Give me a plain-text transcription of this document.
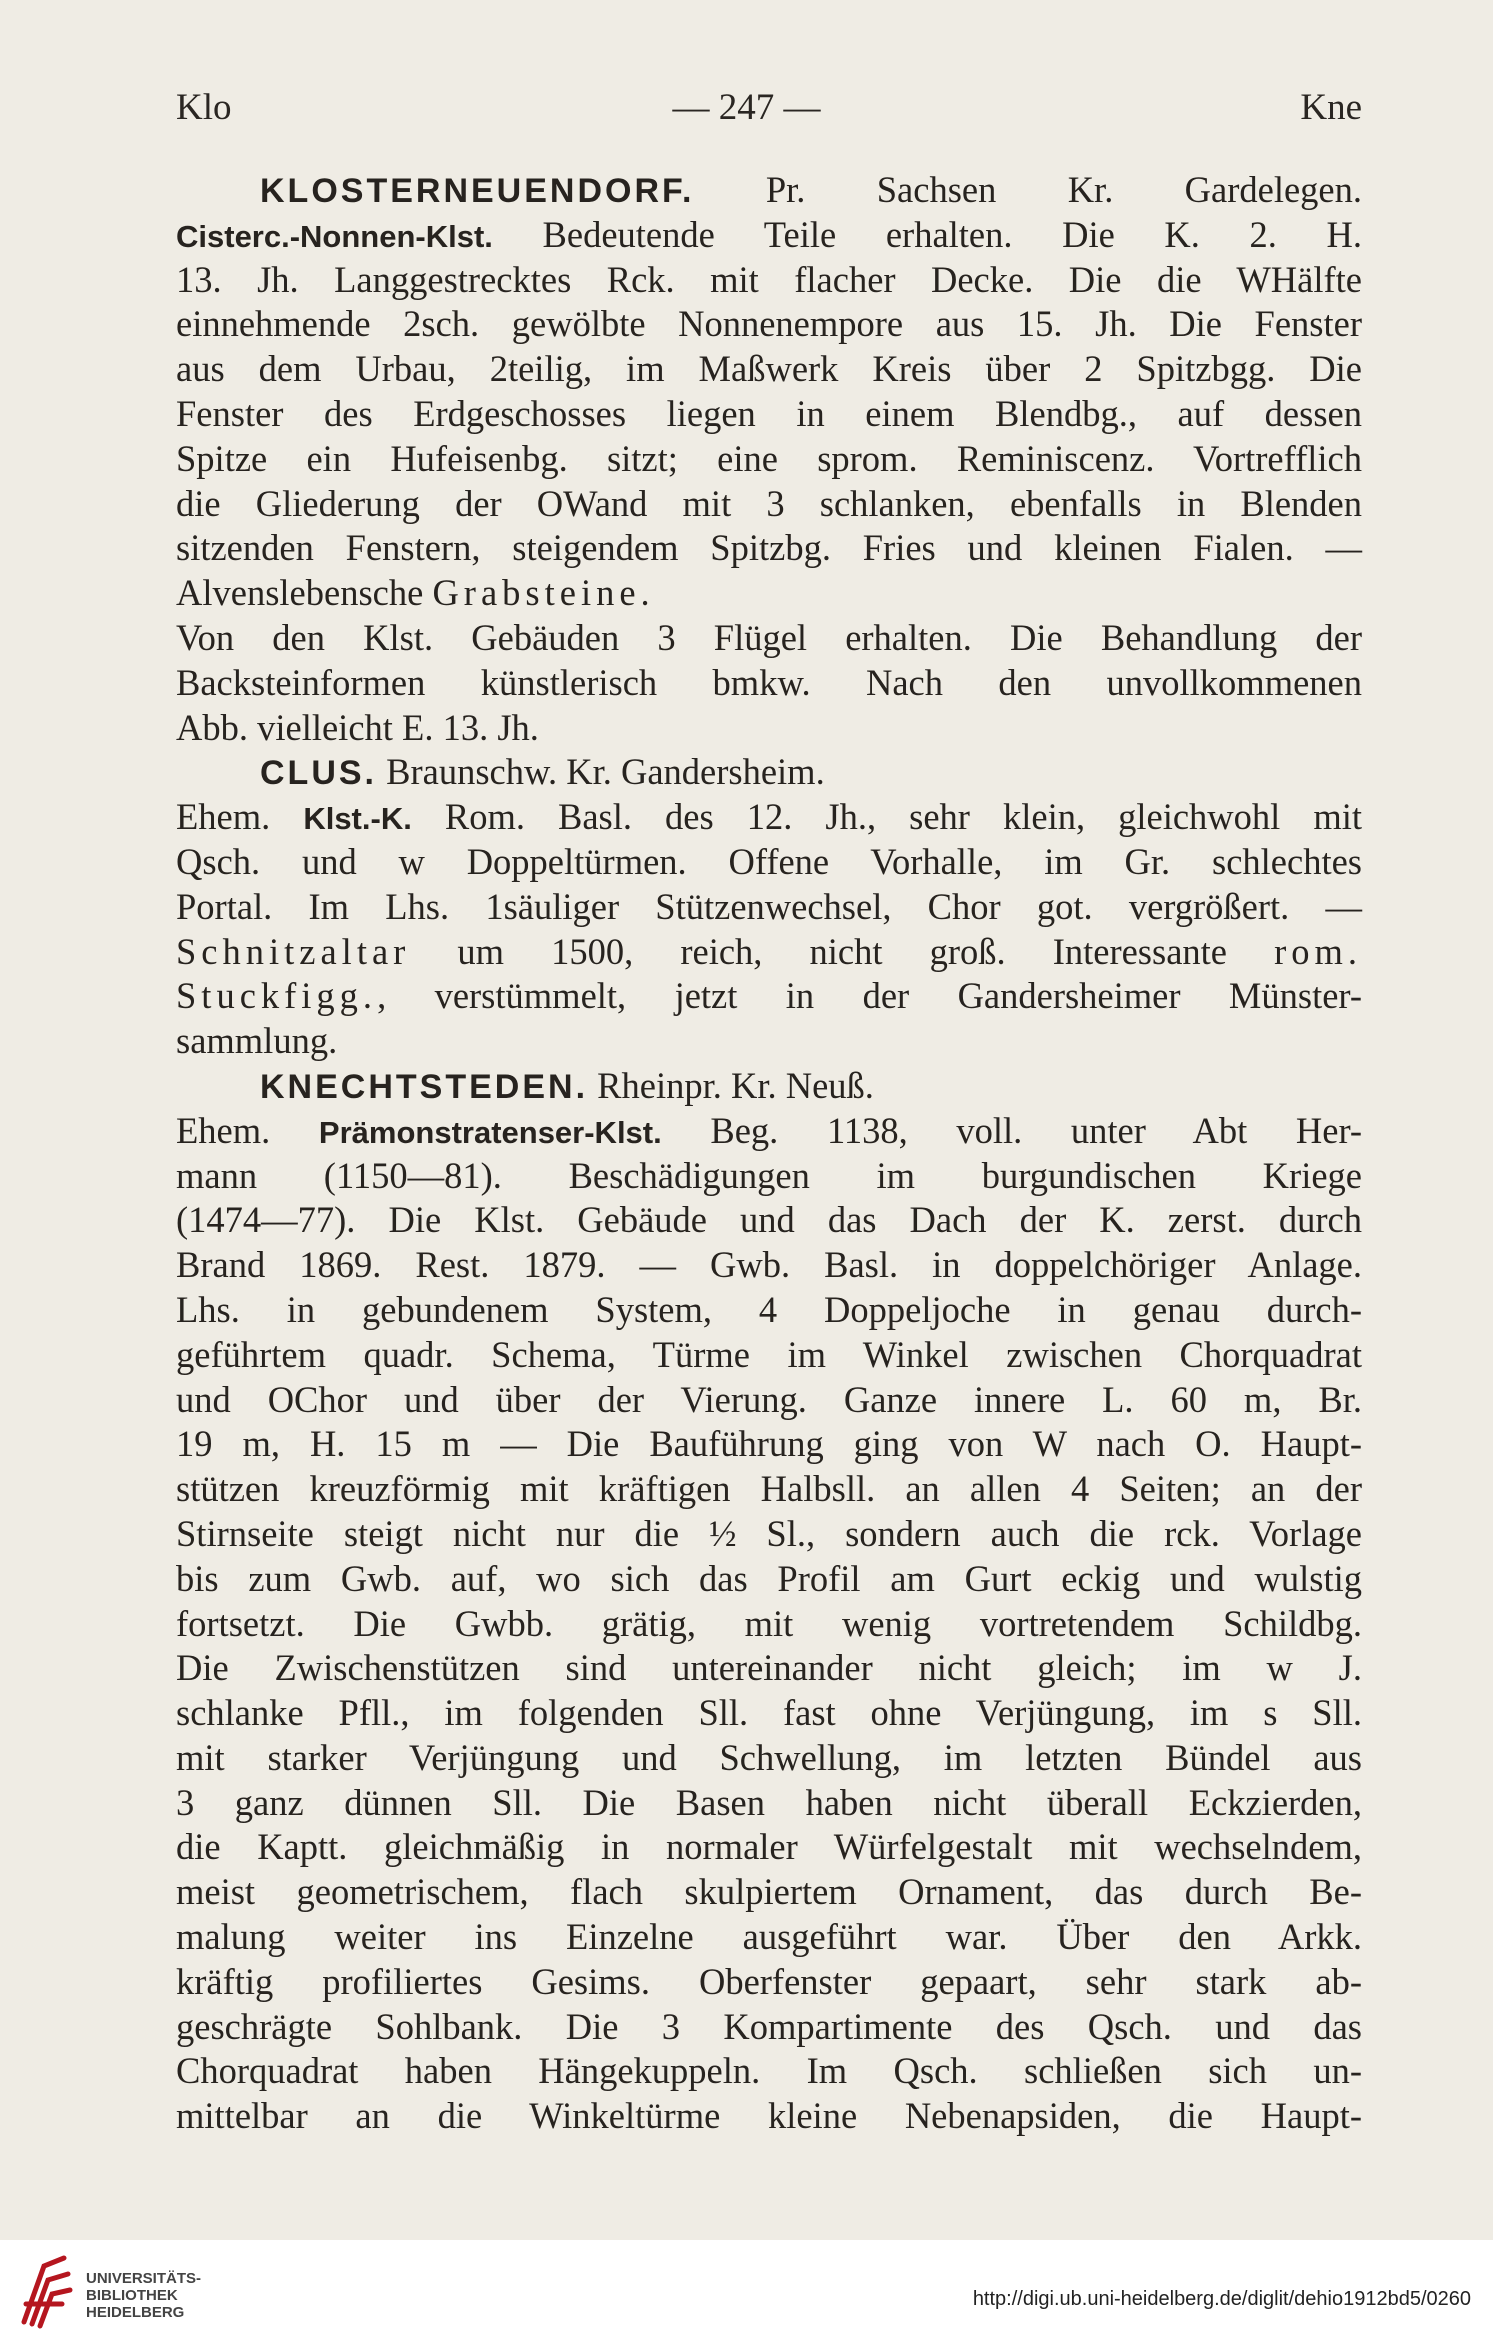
Klo	— 247 —	Kne
KLOSTERNEUENDORF. Pr. Sachsen Kr. Gardelegen.
Cisterc.-Nonnen-Klst. Bedeutende Teile erhalten. Die K. 2. H.
13. Jh. Langgestrecktes Rck. mit flacher Decke. Die die WHälfte
einnehmende 2sch. gewölbte Nonnenempore aus 15. Jh. Die Fenster
aus dem Urbau, 2teilig, im Maßwerk Kreis über 2 Spitzbgg. Die
Fenster des Erdgeschosses liegen in einem Blendbg., auf dessen
Spitze ein Hufeisenbg. sitzt; eine sprom. Reminiscenz. Vortrefflich
die Gliederung der OWand mit 3 schlanken, ebenfalls in Blenden
sitzenden Fenstern, steigendem Spitzbg. Fries und kleinen Fialen. —
Alvenslebensche Grabsteine.
Von den Klst. Gebäuden 3 Flügel erhalten. Die Behandlung der
Backsteinformen künstlerisch bmkw. Nach den unvollkommenen
Abb. vielleicht E. 13. Jh.
CLUS. Braunschw. Kr. Gandersheim.
Ehem. Klst.-K. Rom. Basl. des 12. Jh., sehr klein, gleichwohl mit
Qsch. und w Doppeltürmen. Offene Vorhalle, im Gr. schlechtes
Portal. Im Lhs. 1säuliger Stützenwechsel, Chor got. vergrößert. —
Schnitzaltar um 1500, reich, nicht groß. Interessante rom.
Stuckfigg., verstümmelt, jetzt in der Gandersheimer Münster-
sammlung.
KNECHTSTEDEN. Rheinpr. Kr. Neuß.
Ehem. Prämonstratenser-Klst. Beg. 1138, voll. unter Abt Her-
mann (1150—81). Beschädigungen im burgundischen Kriege
(1474—77). Die Klst. Gebäude und das Dach der K. zerst. durch
Brand 1869. Rest. 1879. — Gwb. Basl. in doppelchöriger Anlage.
Lhs. in gebundenem System, 4 Doppeljoche in genau durch-
geführtem quadr. Schema, Türme im Winkel zwischen Chorquadrat
und OChor und über der Vierung. Ganze innere L. 60 m, Br.
19 m, H. 15 m — Die Bauführung ging von W nach O. Haupt-
stützen kreuzförmig mit kräftigen Halbsll. an allen 4 Seiten; an der
Stirnseite steigt nicht nur die ½ Sl., sondern auch die rck. Vorlage
bis zum Gwb. auf, wo sich das Profil am Gurt eckig und wulstig
fortsetzt. Die Gwbb. grätig, mit wenig vortretendem Schildbg.
Die Zwischenstützen sind untereinander nicht gleich; im w J.
schlanke Pfll., im folgenden Sll. fast ohne Verjüngung, im s Sll.
mit starker Verjüngung und Schwellung, im letzten Bündel aus
3 ganz dünnen Sll. Die Basen haben nicht überall Eckzierden,
die Kaptt. gleichmäßig in normaler Würfelgestalt mit wechselndem,
meist geometrischem, flach skulpiertem Ornament, das durch Be-
malung weiter ins Einzelne ausgeführt war. Über den Arkk.
kräftig profiliertes Gesims. Oberfenster gepaart, sehr stark ab-
geschrägte Sohlbank. Die 3 Kompartimente des Qsch. und das
Chorquadrat haben Hängekuppeln. Im Qsch. schließen sich un-
mittelbar an die Winkeltürme kleine Nebenapsiden, die Haupt-
UNIVERSITÄTS-
BIBLIOTHEK
HEIDELBERG
http://digi.ub.uni-heidelberg.de/diglit/dehio1912bd5/0260
